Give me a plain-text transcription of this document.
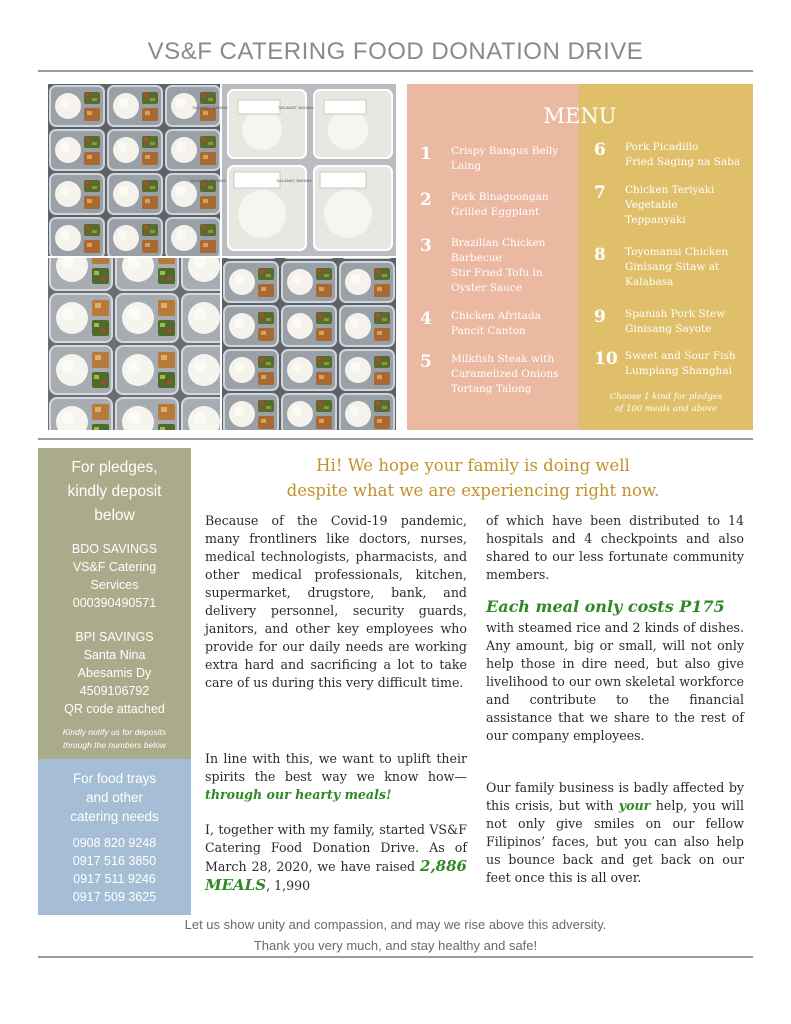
VS&F CATERING FOOD DONATION DRIVE
SALAMAT, BAYANI!	SALAMAT, BAYANI!
SALAMAT, BAYANI!	SALAMAT, BAYANI!
MENU
1 Crispy Bangus Belly
Laing
2 Pork Binagoongan
Grilled Eggplant
3 Brazilian Chicken
Barbecue
Stir Fried Tofu in
Oyster Sauce
4 Chicken Afritada
Pancit Canton
5 Milkfish Steak with
Caramelized Onions
Tortang Talong
6 Pork Picadillo
Fried Saging na Saba
7 Chicken Teriyaki
Vegetable
Teppanyaki
8 Toyomansi Chicken
Ginisang Sitaw at
Kalabasa
9 Spanish Pork Stew
Ginisang Sayote
10 Sweet and Sour Fish
Lumpiang Shanghai
Choose 1 kind for pledges
of 100 meals and above
For pledges,
kindly deposit
below
BDO SAVINGS
VS&F Catering
Services
000390490571
BPI SAVINGS
Santa Nina
Abesamis Dy
4509106792
QR code attached
Kindly notify us for deposits
through the numbers below
For food trays
and other
catering needs
0908 820 9248
0917 516 3850
0917 511 9246
0917 509 3625
Hi! We hope your family is doing well
despite what we are experiencing right now.
Because of the Covid-19 pandemic, many frontliners like doctors, nurses, medical technologists, pharmacists, and other medical professionals, kitchen, supermarket, drugstore, bank, and delivery personnel, security guards, janitors, and other key employees who provide for our daily needs are working extra hard and sacrificing a lot to take care of us during this very difficult time.
In line with this, we want to uplift their spirits the best way we know how—through our hearty meals!
I, together with my family, started VS&F Catering Food Donation Drive. As of March 28, 2020, we have raised 2,886 MEALS, 1,990
of which have been distributed to 14 hospitals and 4 checkpoints and also shared to our less fortunate community members.
Each meal only costs P175
with steamed rice and 2 kinds of dishes. Any amount, big or small, will not only help those in dire need, but also give livelihood to our own skeletal workforce and contribute to the financial assistance that we share to the rest of our company employees.
Our family business is badly affected by this crisis, but with your help, you will not only give smiles on our fellow Filipinos’ faces, but you can also help us bounce back and get back on our feet once this is all over.
Let us show unity and compassion, and may we rise above this adversity.
Thank you very much, and stay healthy and safe!
